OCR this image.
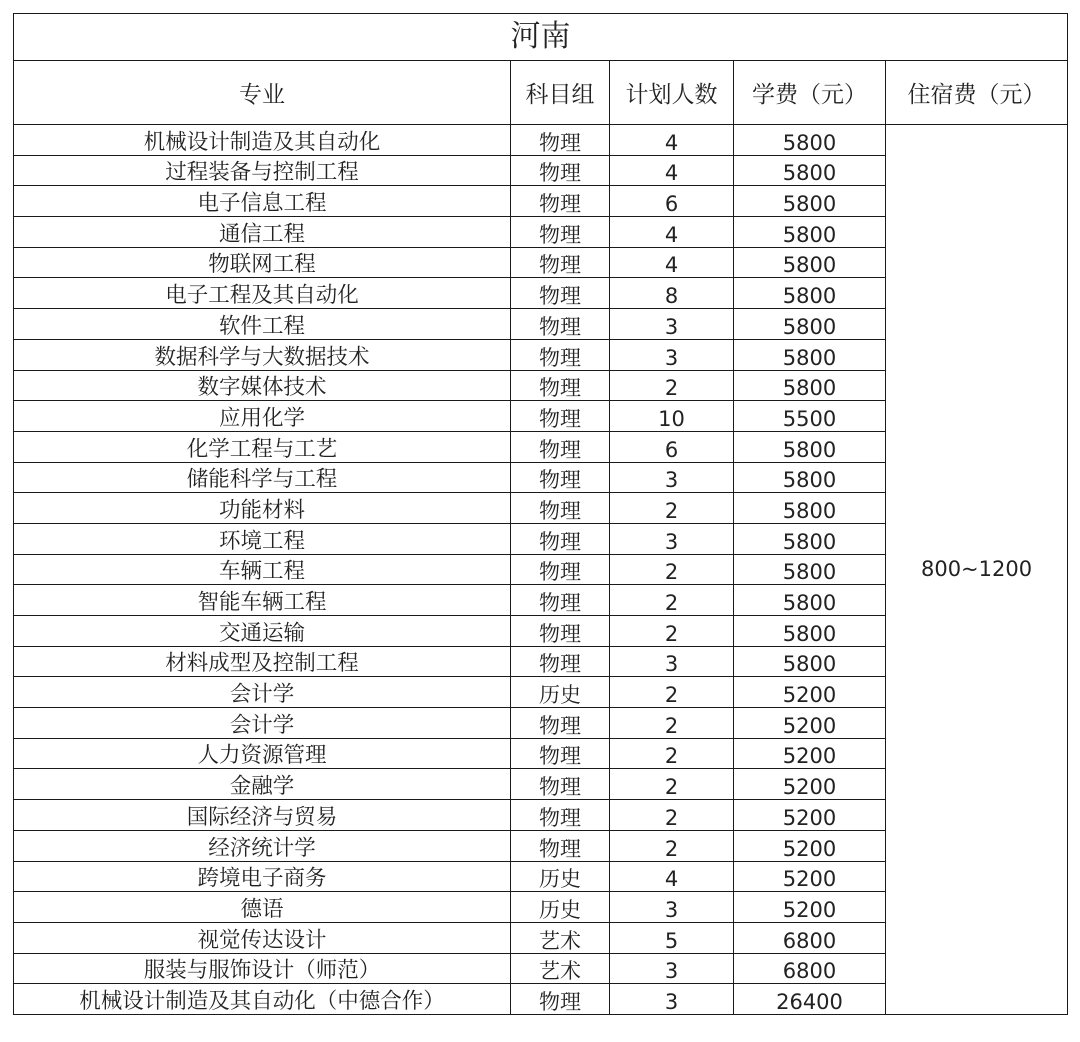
河南				
专业	科目组	计划人数	学费（元）	住宿费（元）
机械设计制造及其自动化	物理	4	5800	800~1200
过程装备与控制工程	物理	4	5800	
电子信息工程	物理	6	5800	
通信工程	物理	4	5800	
物联网工程	物理	4	5800	
电子工程及其自动化	物理	8	5800	
软件工程	物理	3	5800	
数据科学与大数据技术	物理	3	5800	
数字媒体技术	物理	2	5800	
应用化学	物理	10	5500	
化学工程与工艺	物理	6	5800	
储能科学与工程	物理	3	5800	
功能材料	物理	2	5800	
环境工程	物理	3	5800	
车辆工程	物理	2	5800	
智能车辆工程	物理	2	5800	
交通运输	物理	2	5800	
材料成型及控制工程	物理	3	5800	
会计学	历史	2	5200	
会计学	物理	2	5200	
人力资源管理	物理	2	5200	
金融学	物理	2	5200	
国际经济与贸易	物理	2	5200	
经济统计学	物理	2	5200	
跨境电子商务	历史	4	5200	
德语	历史	3	5200	
视觉传达设计	艺术	5	6800	
服装与服饰设计（师范）	艺术	3	6800	
机械设计制造及其自动化（中德合作）	物理	3	26400	
